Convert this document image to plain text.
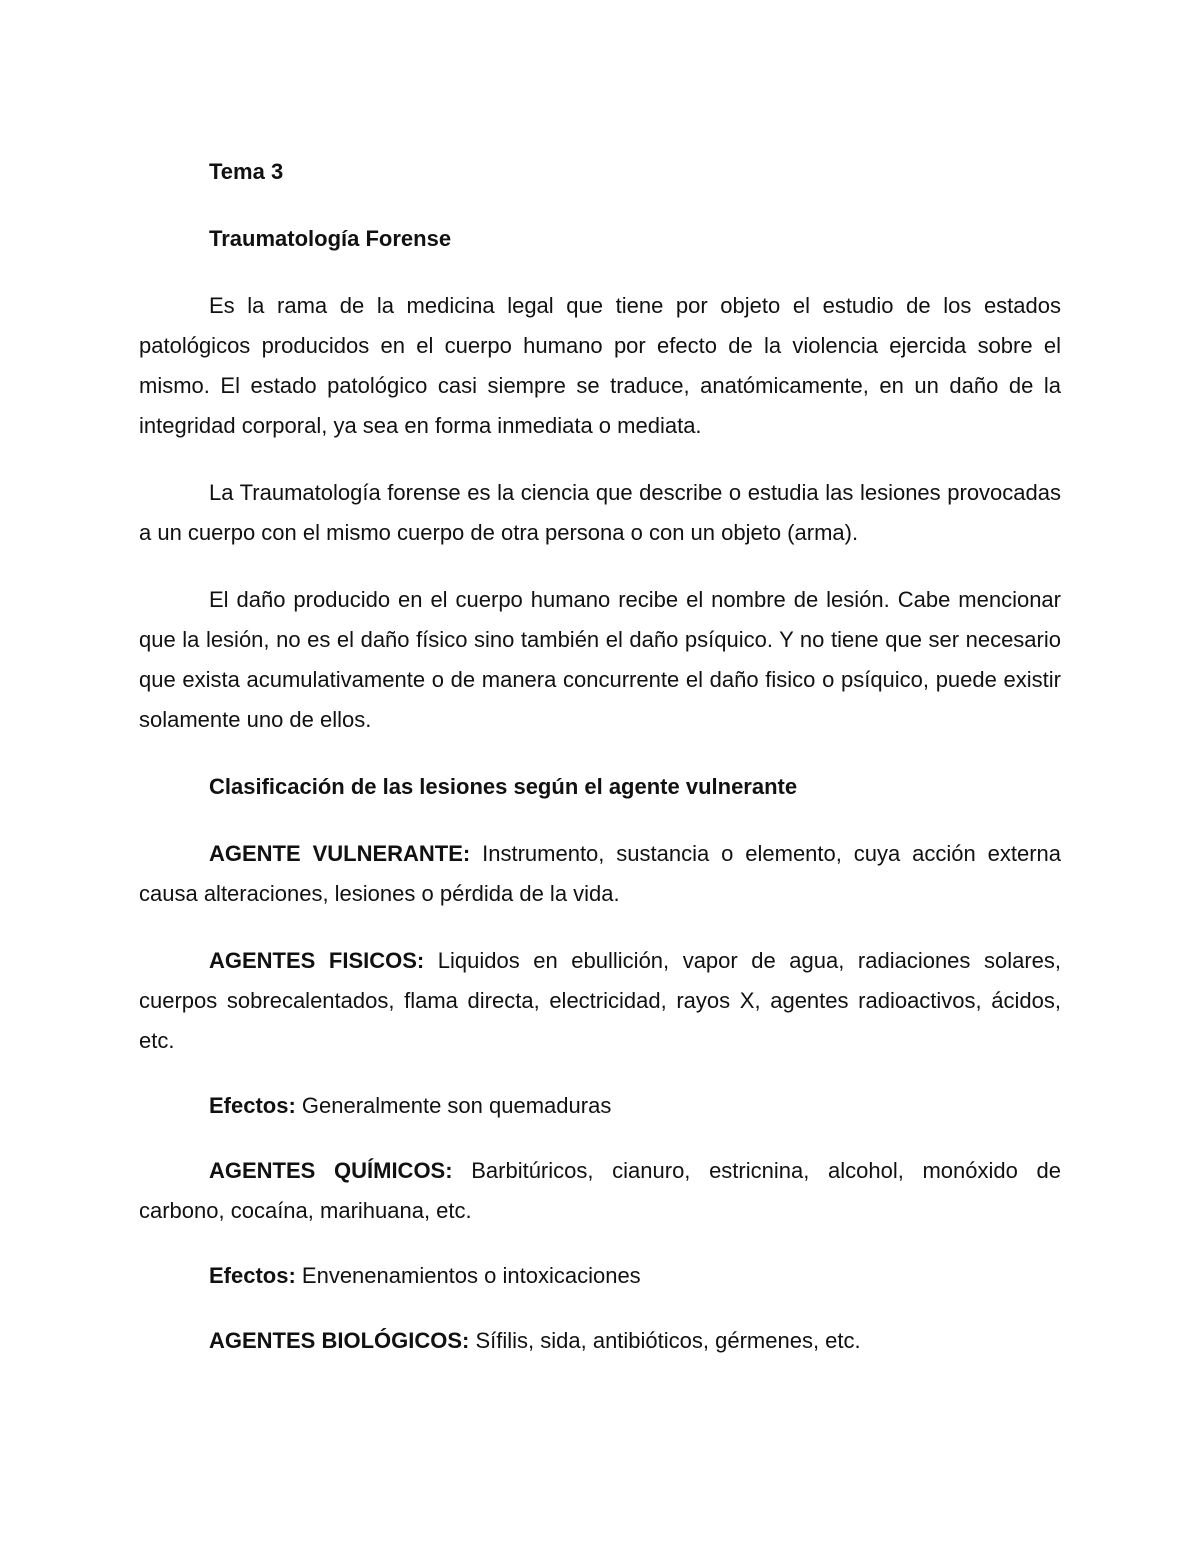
Tema 3

Traumatología Forense

Es la rama de la medicina legal que tiene por objeto el estudio de los estados patológicos producidos en el cuerpo humano por efecto de la violencia ejercida sobre el mismo. El estado patológico casi siempre se traduce, anatómicamente, en un daño de la integridad corporal, ya sea en forma inmediata o mediata.

La Traumatología forense es la ciencia que describe o estudia las lesiones provocadas a un cuerpo con el mismo cuerpo de otra persona o con un objeto (arma).

El daño producido en el cuerpo humano recibe el nombre de lesión. Cabe mencionar que la lesión, no es el daño físico sino también el daño psíquico. Y no tiene que ser necesario que exista acumulativamente o de manera concurrente el daño fisico o psíquico, puede existir solamente uno de ellos.

Clasificación de las lesiones según el agente vulnerante

AGENTE VULNERANTE: Instrumento, sustancia o elemento, cuya acción externa causa alteraciones, lesiones o pérdida de la vida.

AGENTES FISICOS: Liquidos en ebullición, vapor de agua, radiaciones solares, cuerpos sobrecalentados, flama directa, electricidad, rayos X, agentes radioactivos, ácidos, etc.

Efectos: Generalmente son quemaduras

AGENTES QUÍMICOS: Barbitúricos, cianuro, estricnina, alcohol, monóxido de carbono, cocaína, marihuana, etc.

Efectos: Envenenamientos o intoxicaciones

AGENTES BIOLÓGICOS: Sífilis, sida, antibióticos, gérmenes, etc.
